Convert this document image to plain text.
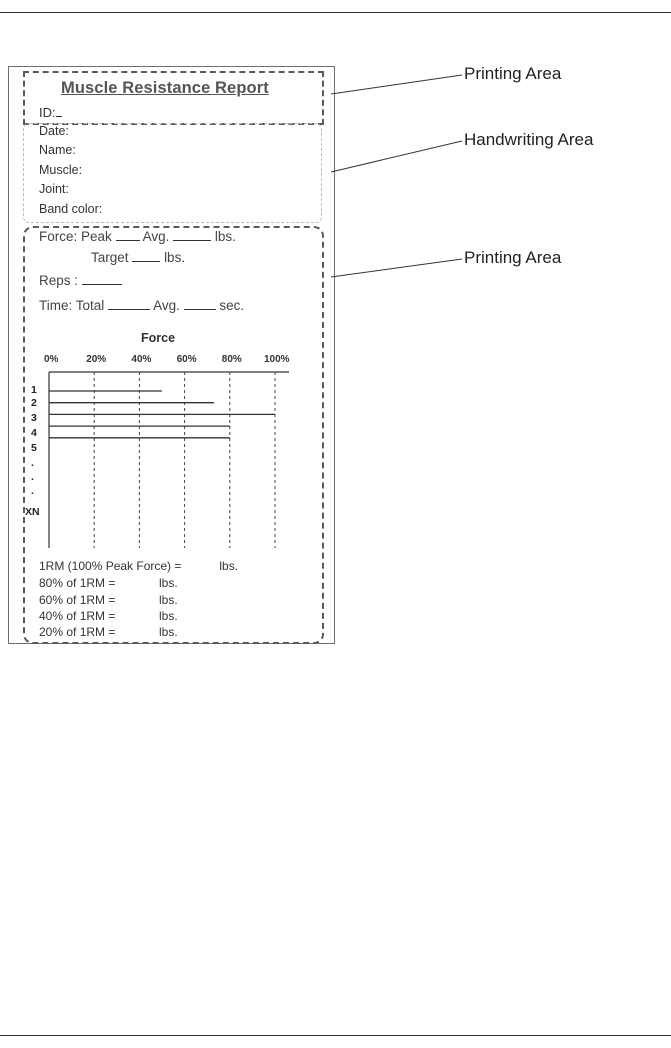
Muscle Resistance Report
ID:
Date:
Name:
Muscle:
Joint:
Band color:
Force: Peak Avg.	lbs.
Target	lbs.
Reps :
Time: Total	Avg.	sec.
Force
0%	20%	40%	60%	80% 100%
1
2
3
4
5
.
.
.
XN
1RM (100% Peak Force) =	lbs.
80% of 1RM =	lbs.
60% of 1RM =	lbs.
40% of 1RM =	lbs.
20% of 1RM =	lbs.
Printing Area
Handwriting Area
Printing Area
